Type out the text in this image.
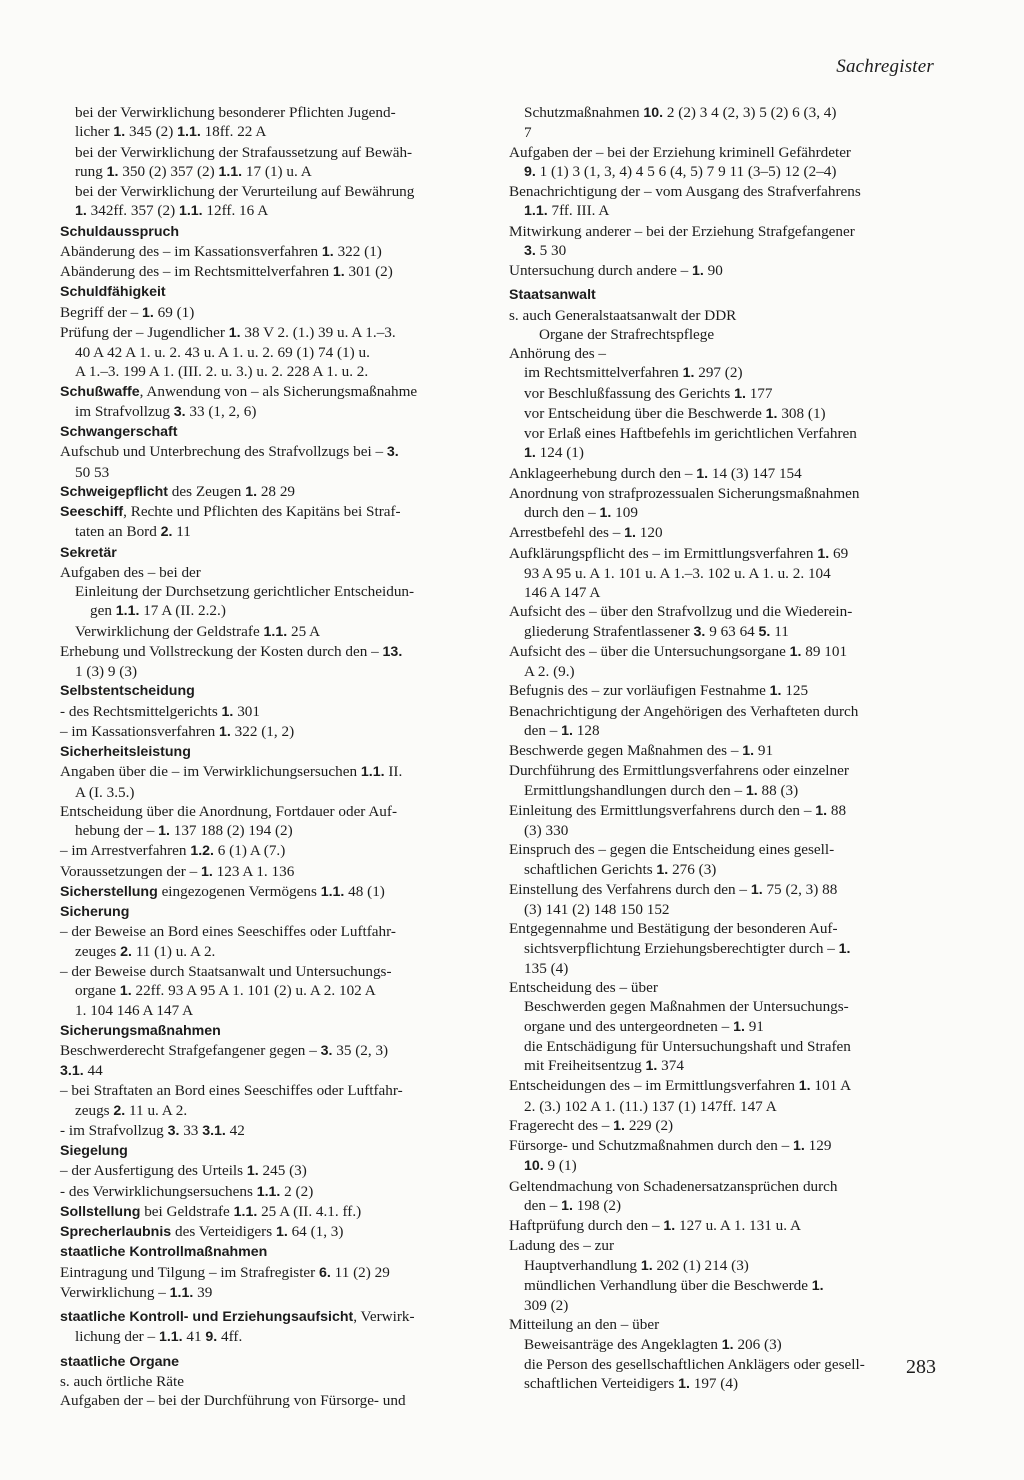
Sachregister
bei der Verwirklichung besonderer Pflichten Jugend-
licher 1. 345 (2) 1.1. 18ff. 22 A
bei der Verwirklichung der Strafaussetzung auf Bewäh-
rung 1. 350 (2) 357 (2) 1.1. 17 (1) u. A
bei der Verwirklichung der Verurteilung auf Bewährung
1. 342ff. 357 (2) 1.1. 12ff. 16 A
Schuldausspruch
Abänderung des – im Kassationsverfahren 1. 322 (1)
Abänderung des – im Rechtsmittelverfahren 1. 301 (2)
Schuldfähigkeit
Begriff der – 1. 69 (1)
Prüfung der – Jugendlicher 1. 38 V 2. (1.) 39 u. A 1.–3.
40 A 42 A 1. u. 2. 43 u. A 1. u. 2. 69 (1) 74 (1) u.
A 1.–3. 199 A 1. (III. 2. u. 3.) u. 2. 228 A 1. u. 2.
Schußwaffe, Anwendung von – als Sicherungsmaßnahme
im Strafvollzug 3. 33 (1, 2, 6)
Schwangerschaft
Aufschub und Unterbrechung des Strafvollzugs bei – 3.
50 53
Schweigepflicht des Zeugen 1. 28 29
Seeschiff, Rechte und Pflichten des Kapitäns bei Straf-
taten an Bord 2. 11
Sekretär
Aufgaben des – bei der
Einleitung der Durchsetzung gerichtlicher Entscheidun-
gen 1.1. 17 A (II. 2.2.)
Verwirklichung der Geldstrafe 1.1. 25 A
Erhebung und Vollstreckung der Kosten durch den – 13.
1 (3) 9 (3)
Selbstentscheidung
- des Rechtsmittelgerichts 1. 301
– im Kassationsverfahren 1. 322 (1, 2)
Sicherheitsleistung
Angaben über die – im Verwirklichungsersuchen 1.1. II.
A (I. 3.5.)
Entscheidung über die Anordnung, Fortdauer oder Auf-
hebung der – 1. 137 188 (2) 194 (2)
– im Arrestverfahren 1.2. 6 (1) A (7.)
Voraussetzungen der – 1. 123 A 1. 136
Sicherstellung eingezogenen Vermögens 1.1. 48 (1)
Sicherung
– der Beweise an Bord eines Seeschiffes oder Luftfahr-
zeuges 2. 11 (1) u. A 2.
– der Beweise durch Staatsanwalt und Untersuchungs-
organe 1. 22ff. 93 A 95 A 1. 101 (2) u. A 2. 102 A
1. 104 146 A 147 A
Sicherungsmaßnahmen
Beschwerderecht Strafgefangener gegen – 3. 35 (2, 3)
3.1. 44
– bei Straftaten an Bord eines Seeschiffes oder Luftfahr-
zeugs 2. 11 u. A 2.
- im Strafvollzug 3. 33 3.1. 42
Siegelung
– der Ausfertigung des Urteils 1. 245 (3)
- des Verwirklichungsersuchens 1.1. 2 (2)
Sollstellung bei Geldstrafe 1.1. 25 A (II. 4.1. ff.)
Sprecherlaubnis des Verteidigers 1. 64 (1, 3)
staatliche Kontrollmaßnahmen
Eintragung und Tilgung – im Strafregister 6. 11 (2) 29
Verwirklichung – 1.1. 39
staatliche Kontroll- und Erziehungsaufsicht, Verwirk-
lichung der – 1.1. 41 9. 4ff.
staatliche Organe
s. auch örtliche Räte
Aufgaben der – bei der Durchführung von Fürsorge- und
Schutzmaßnahmen 10. 2 (2) 3 4 (2, 3) 5 (2) 6 (3, 4)
7
Aufgaben der – bei der Erziehung kriminell Gefährdeter
9. 1 (1) 3 (1, 3, 4) 4 5 6 (4, 5) 7 9 11 (3–5) 12 (2–4)
Benachrichtigung der – vom Ausgang des Strafverfahrens
1.1. 7ff. III. A
Mitwirkung anderer – bei der Erziehung Strafgefangener
3. 5 30
Untersuchung durch andere – 1. 90
Staatsanwalt
s. auch Generalstaatsanwalt der DDR
Organe der Strafrechtspflege
Anhörung des –
im Rechtsmittelverfahren 1. 297 (2)
vor Beschlußfassung des Gerichts 1. 177
vor Entscheidung über die Beschwerde 1. 308 (1)
vor Erlaß eines Haftbefehls im gerichtlichen Verfahren
1. 124 (1)
Anklageerhebung durch den – 1. 14 (3) 147 154
Anordnung von strafprozessualen Sicherungsmaßnahmen
durch den – 1. 109
Arrestbefehl des – 1. 120
Aufklärungspflicht des – im Ermittlungsverfahren 1. 69
93 A 95 u. A 1. 101 u. A 1.–3. 102 u. A 1. u. 2. 104
146 A 147 A
Aufsicht des – über den Strafvollzug und die Wiederein-
gliederung Strafentlassener 3. 9 63 64 5. 11
Aufsicht des – über die Untersuchungsorgane 1. 89 101
A 2. (9.)
Befugnis des – zur vorläufigen Festnahme 1. 125
Benachrichtigung der Angehörigen des Verhafteten durch
den – 1. 128
Beschwerde gegen Maßnahmen des – 1. 91
Durchführung des Ermittlungsverfahrens oder einzelner
Ermittlungshandlungen durch den – 1. 88 (3)
Einleitung des Ermittlungsverfahrens durch den – 1. 88
(3) 330
Einspruch des – gegen die Entscheidung eines gesell-
schaftlichen Gerichts 1. 276 (3)
Einstellung des Verfahrens durch den – 1. 75 (2, 3) 88
(3) 141 (2) 148 150 152
Entgegennahme und Bestätigung der besonderen Auf-
sichtsverpflichtung Erziehungsberechtigter durch – 1.
135 (4)
Entscheidung des – über
Beschwerden gegen Maßnahmen der Untersuchungs-
organe und des untergeordneten – 1. 91
die Entschädigung für Untersuchungshaft und Strafen
mit Freiheitsentzug 1. 374
Entscheidungen des – im Ermittlungsverfahren 1. 101 A
2. (3.) 102 A 1. (11.) 137 (1) 147ff. 147 A
Fragerecht des – 1. 229 (2)
Fürsorge- und Schutzmaßnahmen durch den – 1. 129
10. 9 (1)
Geltendmachung von Schadenersatzansprüchen durch
den – 1. 198 (2)
Haftprüfung durch den – 1. 127 u. A 1. 131 u. A
Ladung des – zur
Hauptverhandlung 1. 202 (1) 214 (3)
mündlichen Verhandlung über die Beschwerde 1.
309 (2)
Mitteilung an den – über
Beweisanträge des Angeklagten 1. 206 (3)
die Person des gesellschaftlichen Anklägers oder gesell-
schaftlichen Verteidigers 1. 197 (4)
283
